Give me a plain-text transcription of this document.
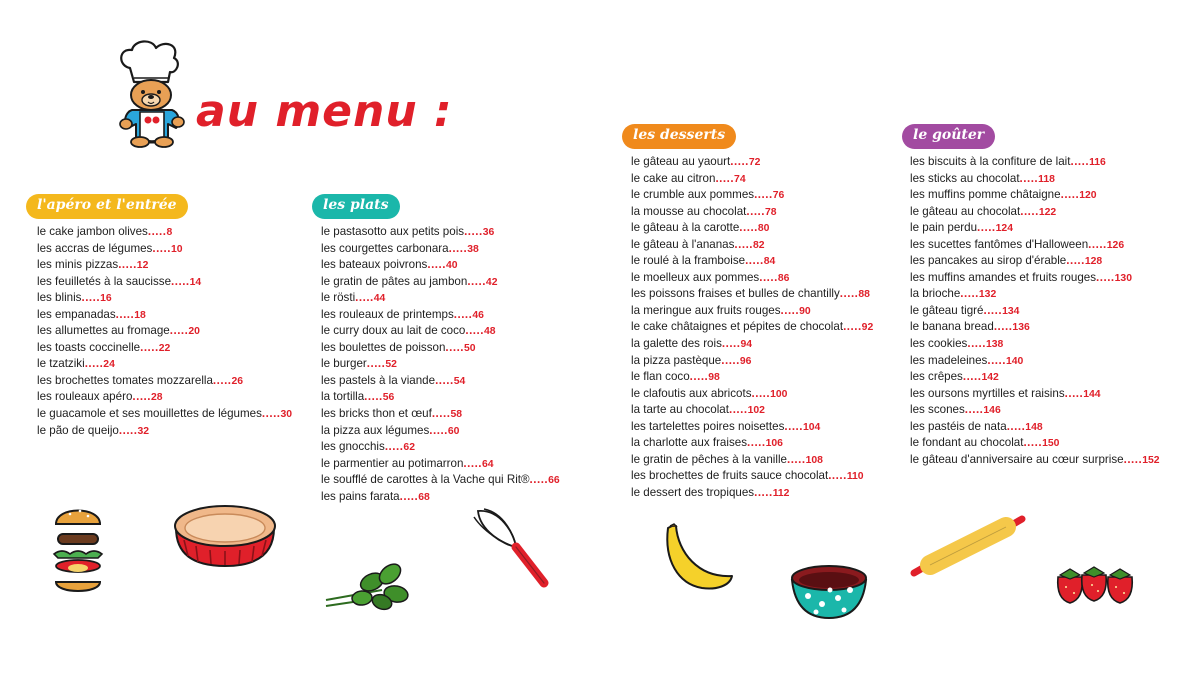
au menu :
l'apéro et l'entrée	les plats
les desserts	le goûter
le cake jambon olives.....8
les accras de légumes.....10
les minis pizzas.....12
les feuilletés à la saucisse.....14
les blinis.....16
les empanadas.....18
les allumettes au fromage.....20
les toasts coccinelle.....22
le tzatziki.....24
les brochettes tomates mozzarella.....26
les rouleaux apéro.....28
le guacamole et ses mouillettes de légumes.....30
le pão de queijo.....32
le pastasotto aux petits pois.....36
les courgettes carbonara.....38
les bateaux poivrons.....40
le gratin de pâtes au jambon.....42
le rösti.....44
les rouleaux de printemps.....46
le curry doux au lait de coco.....48
les boulettes de poisson.....50
le burger.....52
les pastels à la viande.....54
la tortilla.....56
les bricks thon et œuf.....58
la pizza aux légumes.....60
les gnocchis.....62
le parmentier au potimarron.....64
le soufflé de carottes à la Vache qui Rit®.....66
les pains farata.....68
le gâteau au yaourt.....72
le cake au citron.....74
le crumble aux pommes.....76
la mousse au chocolat.....78
le gâteau à la carotte.....80
le gâteau à l'ananas.....82
le roulé à la framboise.....84
le moelleux aux pommes.....86
les poissons fraises et bulles de chantilly.....88
la meringue aux fruits rouges.....90
le cake châtaignes et pépites de chocolat.....92
la galette des rois.....94
la pizza pastèque.....96
le flan coco.....98
le clafoutis aux abricots.....100
la tarte au chocolat.....102
les tartelettes poires noisettes.....104
la charlotte aux fraises.....106
le gratin de pêches à la vanille.....108
les brochettes de fruits sauce chocolat.....110
le dessert des tropiques.....112
les biscuits à la confiture de lait.....116
les sticks au chocolat.....118
les muffins pomme châtaigne.....120
le gâteau au chocolat.....122
le pain perdu.....124
les sucettes fantômes d'Halloween.....126
les pancakes au sirop d'érable.....128
les muffins amandes et fruits rouges.....130
la brioche.....132
le gâteau tigré.....134
le banana bread.....136
les cookies.....138
les madeleines.....140
les crêpes.....142
les oursons myrtilles et raisins.....144
les scones.....146
les pastéis de nata.....148
le fondant au chocolat.....150
le gâteau d'anniversaire au cœur surprise.....152
